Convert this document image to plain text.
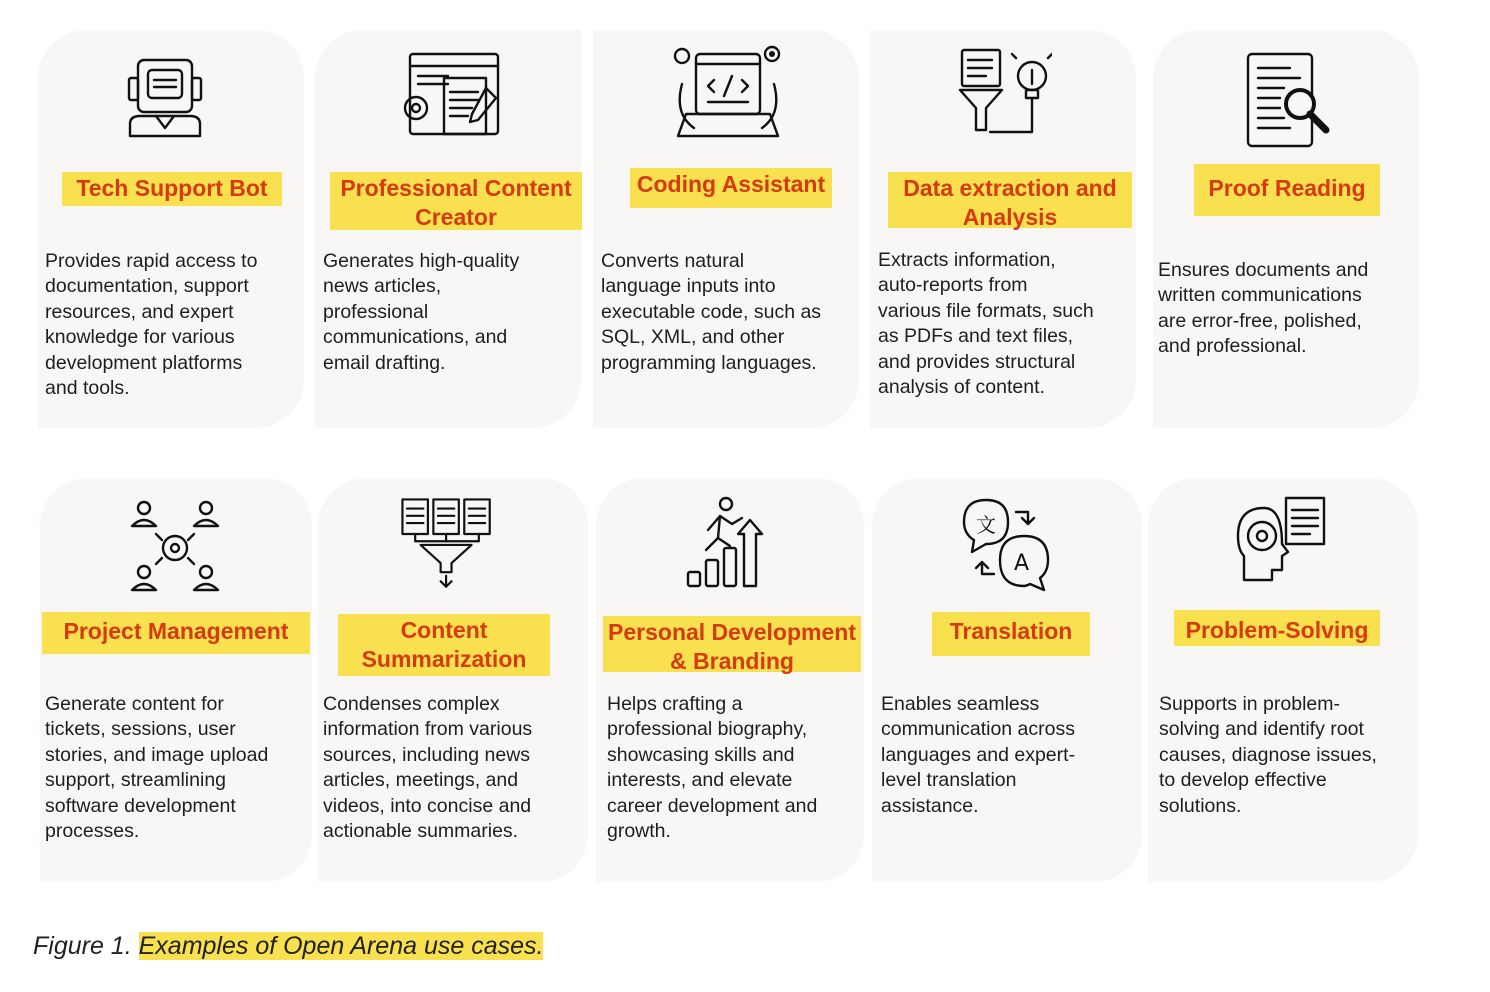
文
A
Tech Support Bot	Professional Content Creator
Coding Assistant	Data extraction and Analysis
Proof Reading
Project Management	Content Summarization
Personal Development & Branding
Translation	Problem-Solving
Provides rapid access to
documentation, support
resources, and expert
knowledge for various
development platforms
and tools.
Generates high-quality
news articles,
professional
communications, and
email drafting.
Converts natural
language inputs into
executable code, such as
SQL, XML, and other
programming languages.
Extracts information,
auto-reports from
various file formats, such
as PDFs and text files,
and provides structural
analysis of content.
Ensures documents and
written communications
are error-free, polished,
and professional.
Generate content for
tickets, sessions, user
stories, and image upload
support, streamlining
software development
processes.
Condenses complex
information from various
sources, including news
articles, meetings, and
videos, into concise and
actionable summaries.
Helps crafting a
professional biography,
showcasing skills and
interests, and elevate
career development and
growth.
Enables seamless
communication across
languages and expert-
level translation
assistance.
Supports in problem-
solving and identify root
causes, diagnose issues,
to develop effective
solutions.
Figure 1. Examples of Open Arena use cases.
